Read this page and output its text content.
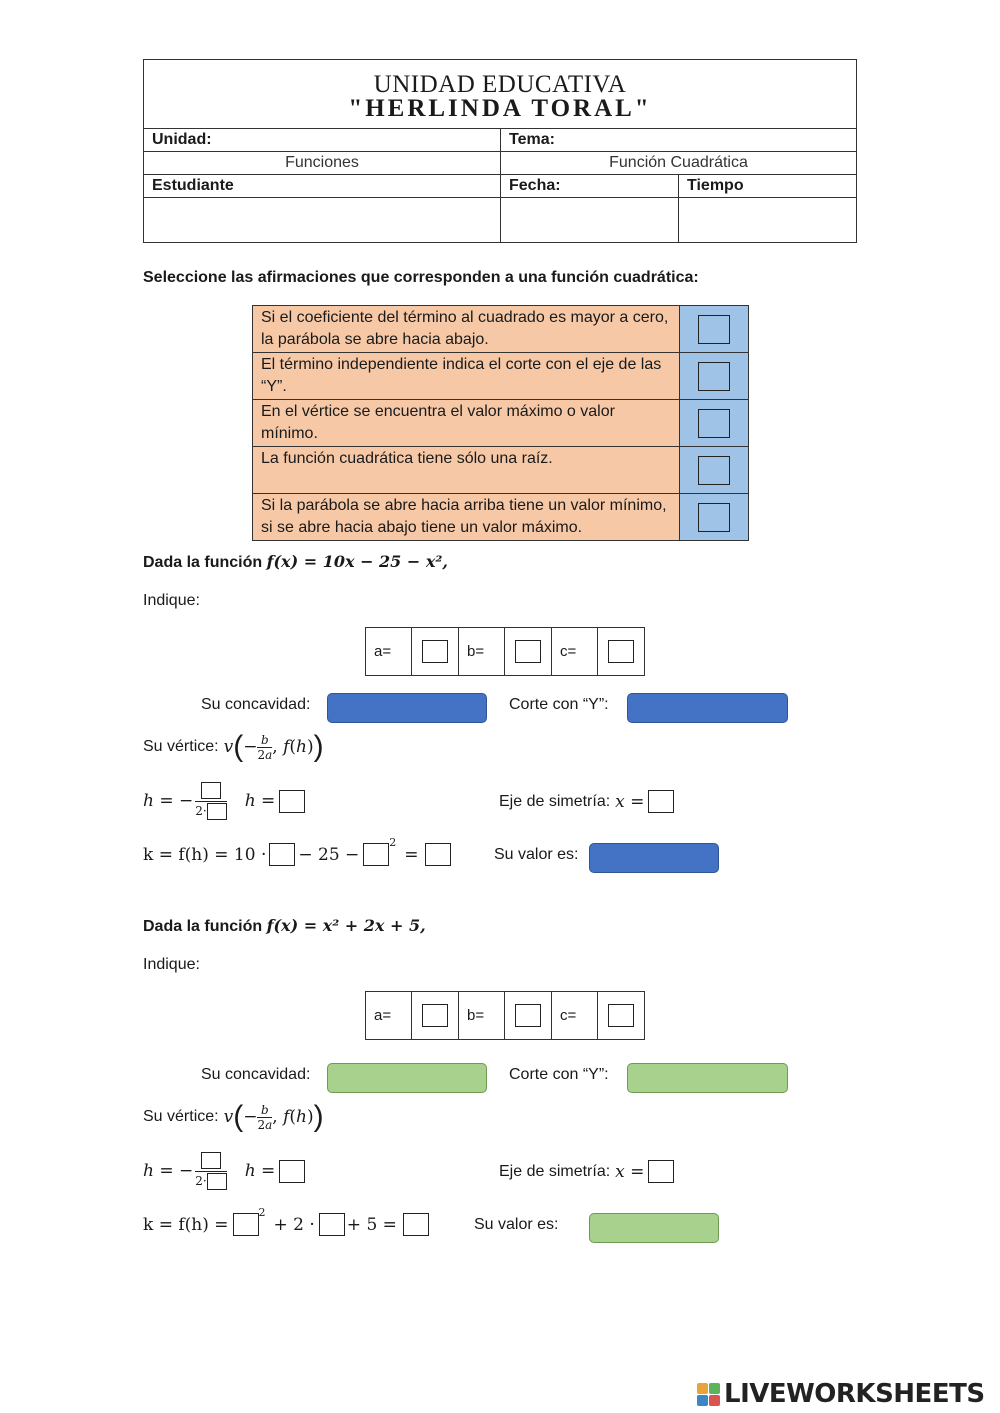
UNIDAD EDUCATIVA
"HERLINDA TORAL"		

Unidad:	Tema:	
Funciones	Función Cuadrática	
Estudiante	Fecha:	Tiempo

Seleccione las afirmaciones que corresponden a una función cuadrática:
Si el coeficiente del término al cuadrado es mayor a cero, la parábola se abre hacia abajo.	
El término independiente indica el corte con el eje de las “Y”.	
En el vértice se encuentra el valor máximo o valor mínimo.	
La función cuadrática tiene sólo una raíz.	
Si la parábola se abre hacia arriba tiene un valor mínimo, si se abre hacia abajo tiene un valor máximo.	
Dada la función f(x) = 10x − 25 − x²,
Indique:
a=		b=		c=	
Su concavidad:	Corte con “Y”:
Su vértice: v ( − $\frac{b}{2a}$ , f(h) )
h = − 2·	h =	Eje de simetría: x =
k = f(h) = 10 · − 25 −
2
=	Su valor es:
Dada la función f(x) = x² + 2x + 5,
Indique:
a=		b=		c=	
Su concavidad:	Corte con “Y”:
Su vértice: v ( − $\frac{b}{2a}$ , f(h) )
h = − 2·	h =	Eje de simetría: x =
k = f(h) =
2
+ 2 · + 5 =	Su valor es:
LIVEWORKSHEETS
